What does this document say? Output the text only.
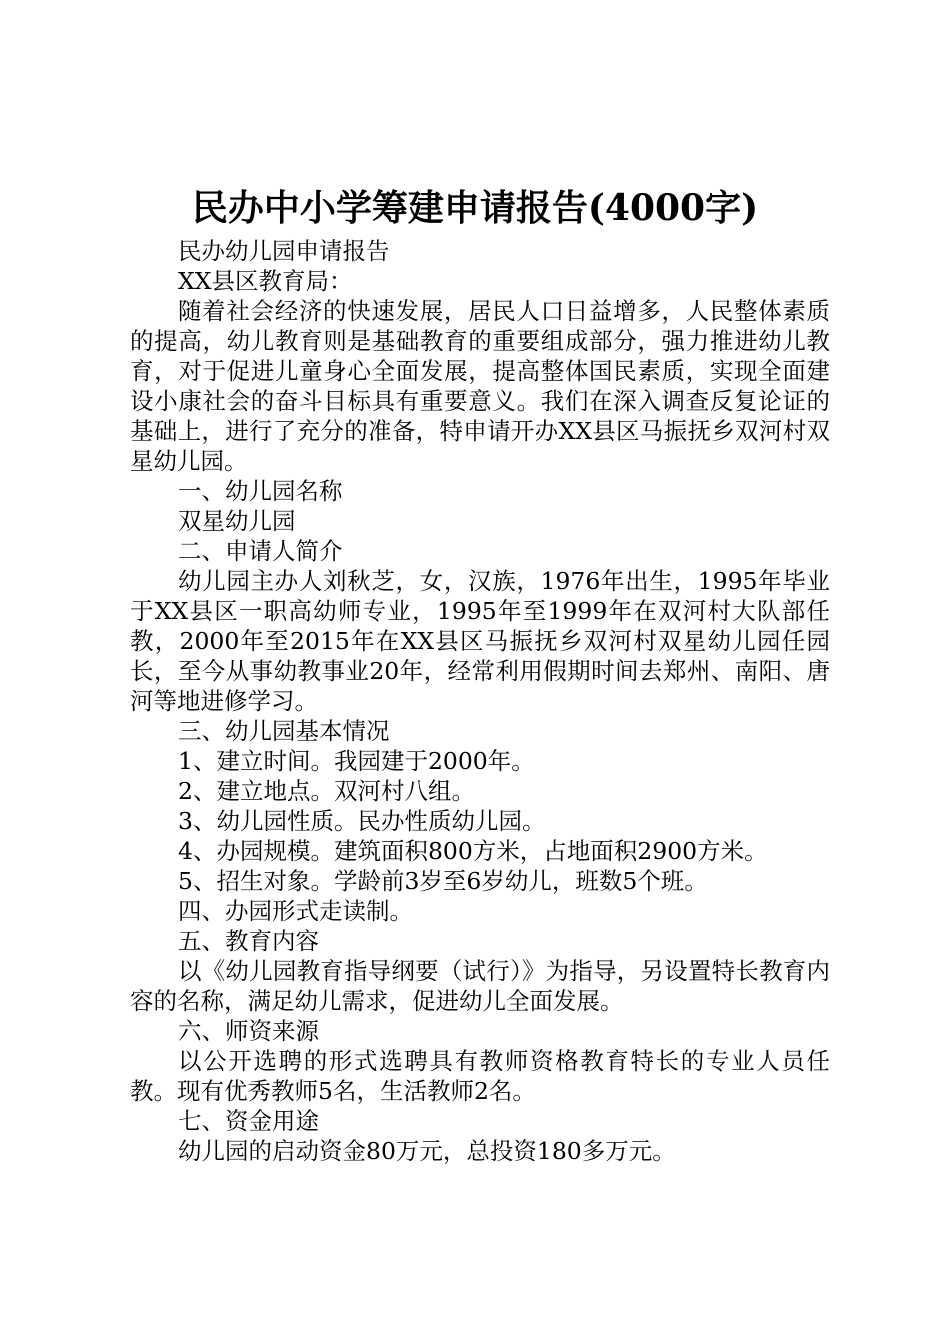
民办中小学筹建申请报告(4000字)

民办幼儿园申请报告

XX县区教育局：

随着社会经济的快速发展，居民人口日益增多，人民整体素质的提高，幼儿教育则是基础教育的重要组成部分，强力推进幼儿教育，对于促进儿童身心全面发展，提高整体国民素质，实现全面建设小康社会的奋斗目标具有重要意义。我们在深入调查反复论证的基础上，进行了充分的准备，特申请开办XX县区马振抚乡双河村双星幼儿园。

一、幼儿园名称

双星幼儿园

二、申请人简介

幼儿园主办人刘秋芝，女，汉族，1976年出生，1995年毕业于XX县区一职高幼师专业，1995年至1999年在双河村大队部任教，2000年至2015年在XX县区马振抚乡双河村双星幼儿园任园长，至今从事幼教事业20年，经常利用假期时间去郑州、南阳、唐河等地进修学习。

三、幼儿园基本情况

1、建立时间。我园建于2000年。

2、建立地点。双河村八组。

3、幼儿园性质。民办性质幼儿园。

4、办园规模。建筑面积800方米，占地面积2900方米。

5、招生对象。学龄前3岁至6岁幼儿，班数5个班。

四、办园形式走读制。

五、教育内容

以《幼儿园教育指导纲要（试行）》为指导，另设置特长教育内容的名称，满足幼儿需求，促进幼儿全面发展。

六、师资来源

以公开选聘的形式选聘具有教师资格教育特长的专业人员任教。现有优秀教师5名，生活教师2名。

七、资金用途

幼儿园的启动资金80万元，总投资180多万元。
